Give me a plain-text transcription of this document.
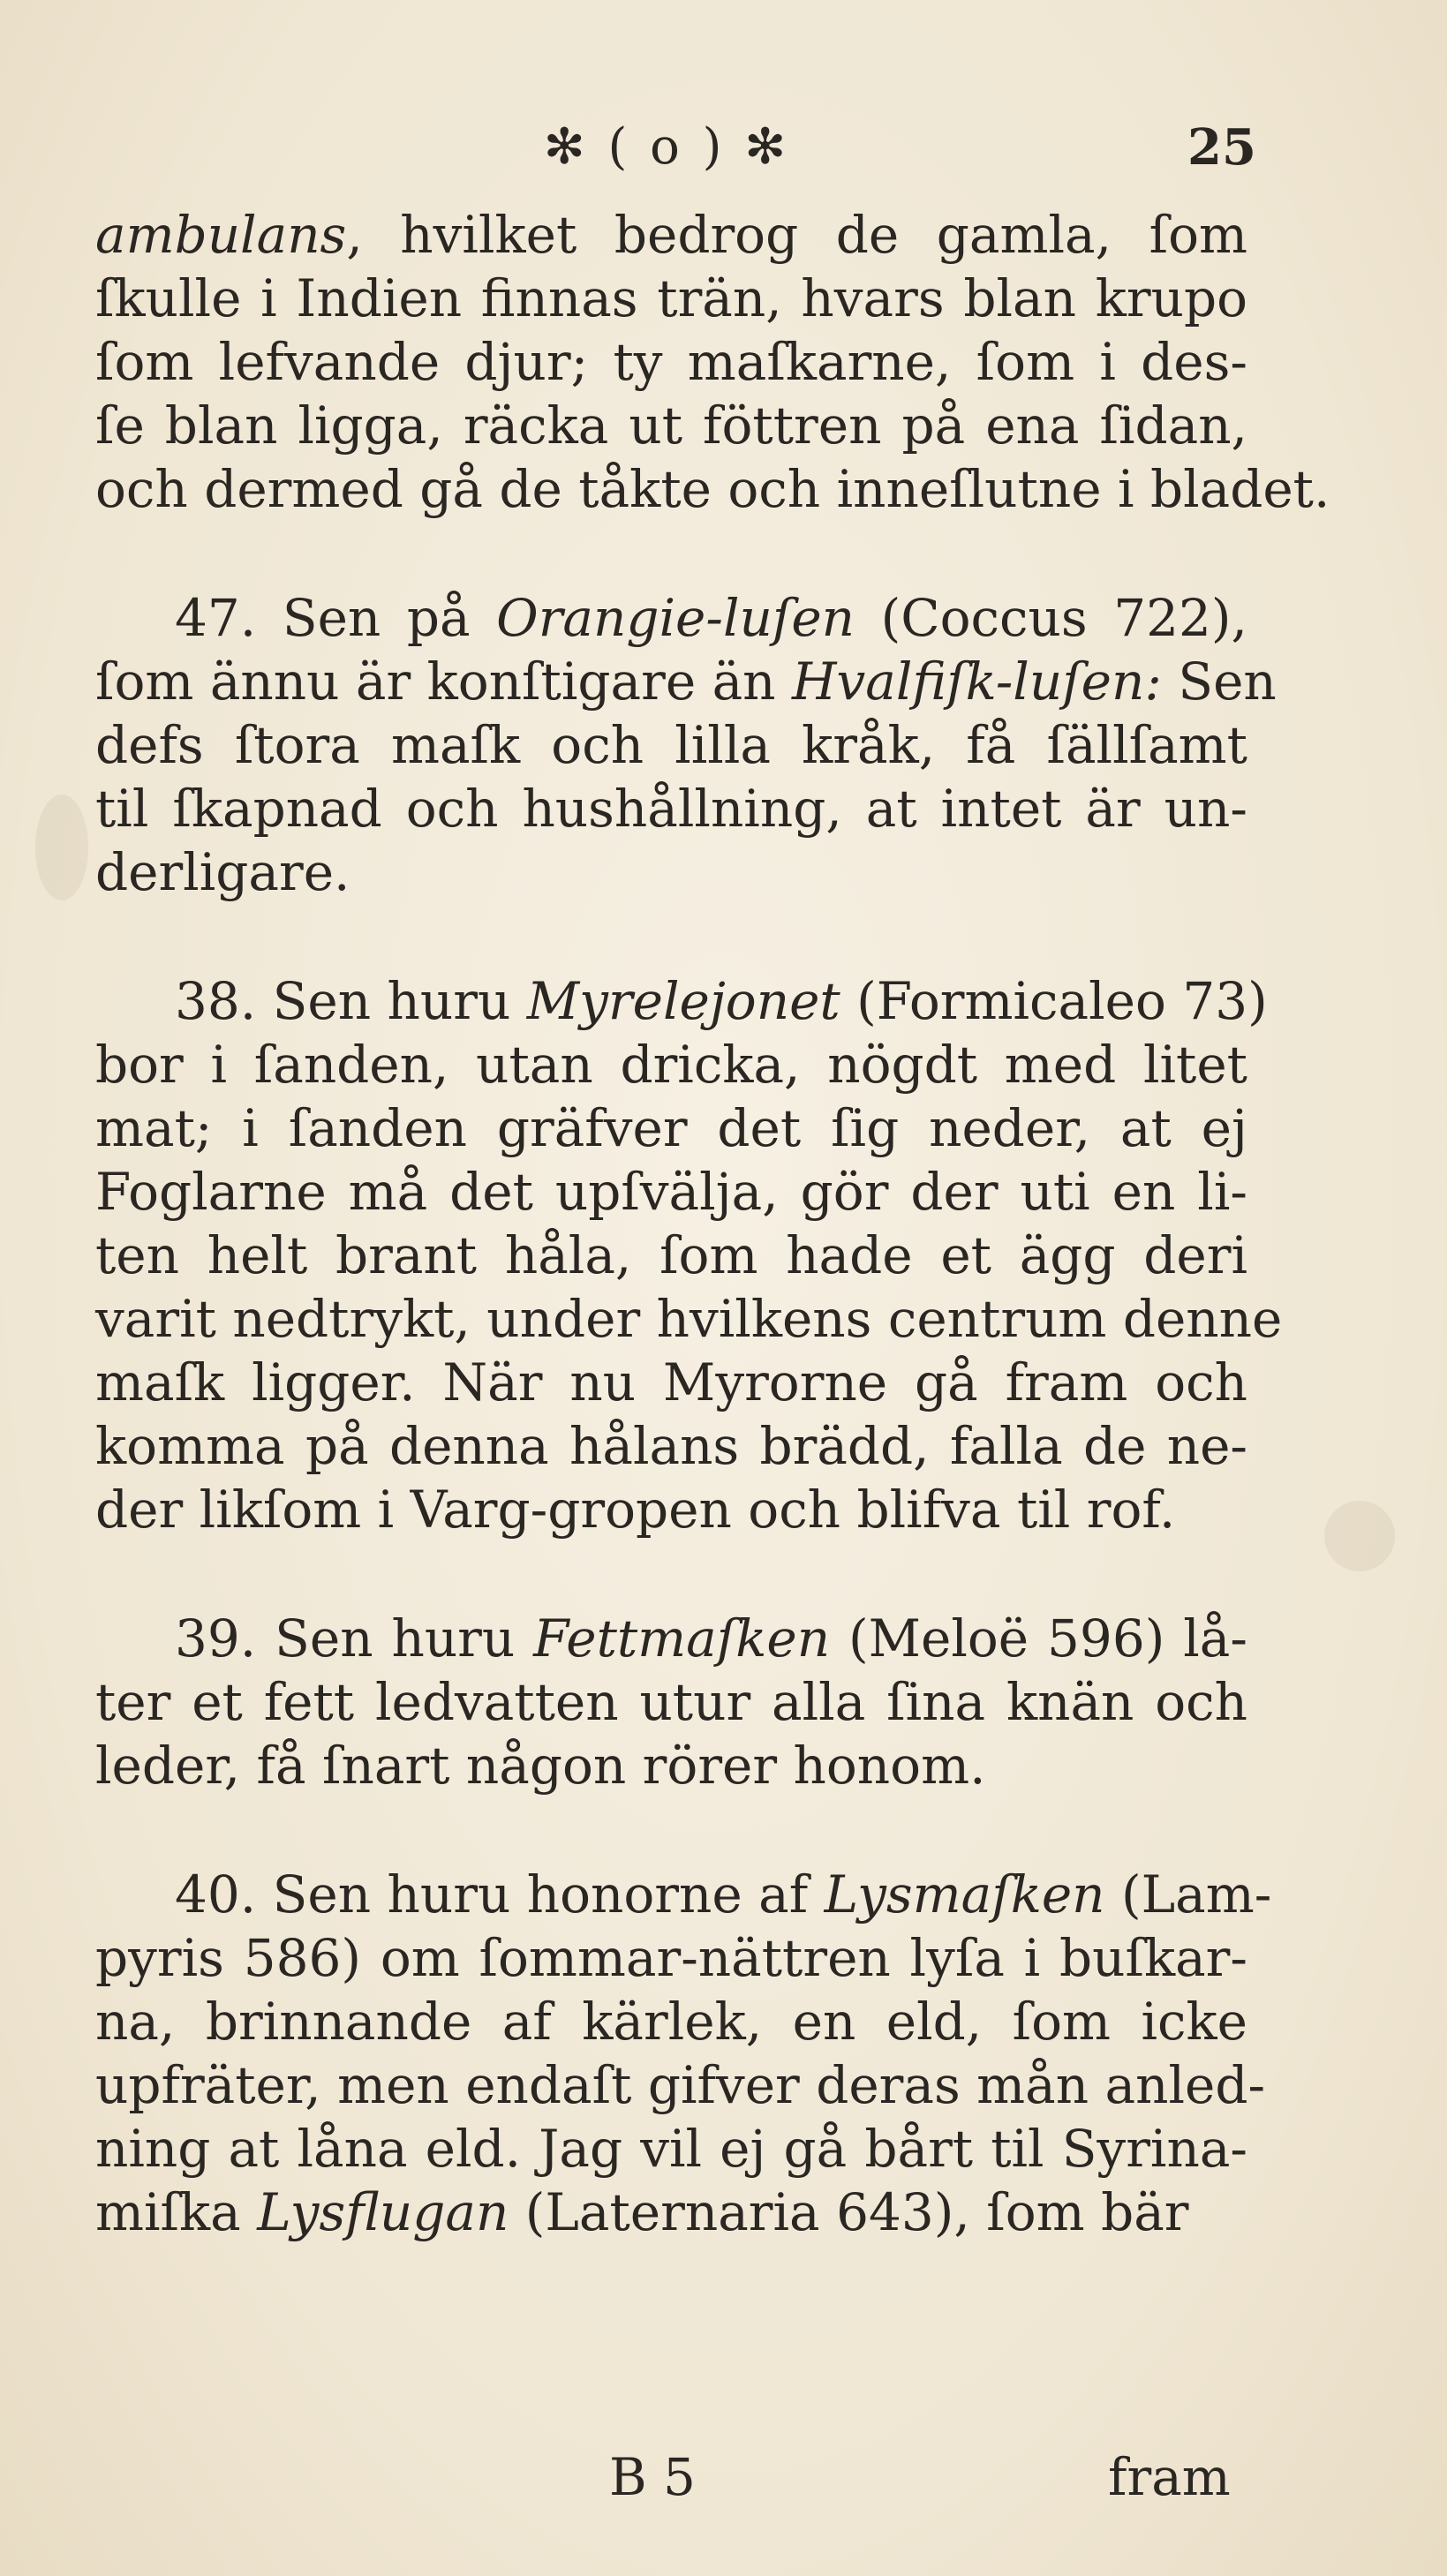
✻ ( o ) ✻	25
ambulans, hvilket bedrog de gamla, ſom
ſkulle i Indien finnas trän, hvars blan krupo
ſom lefvande djur; ty maſkarne, ſom i des-
ſe blan ligga, räcka ut föttren på ena ſidan,
och dermed gå de tåkte och inneſlutne i bladet.
47. Sen på Orangie-luſen (Coccus 722),
ſom ännu är konſtigare än Hvalfiſk-luſen: Sen
defs ſtora maſk och lilla kråk, få ſällſamt
til ſkapnad och hushållning, at intet är un-
derligare.
38. Sen huru Myrelejonet (Formicaleo 73)
bor i ſanden, utan dricka, nögdt med litet
mat; i ſanden gräfver det ſig neder, at ej
Foglarne må det upſvälja, gör der uti en li-
ten helt brant håla, ſom hade et ägg deri
varit nedtrykt, under hvilkens centrum denne
maſk ligger. När nu Myrorne gå fram och
komma på denna hålans brädd, falla de ne-
der likſom i Varg-gropen och blifva til rof.
39. Sen huru Fettmaſken (Meloë 596) lå-
ter et fett ledvatten utur alla ſina knän och
leder, få ſnart någon rörer honom.
40. Sen huru honorne af Lysmaſken (Lam-
pyris 586) om ſommar-nättren lyſa i buſkar-
na, brinnande af kärlek, en eld, ſom icke
upfräter, men endaſt gifver deras mån anled-
ning at låna eld. Jag vil ej gå bårt til Syrina-
miſka Lysflugan (Laternaria 643), ſom bär
B 5	fram
